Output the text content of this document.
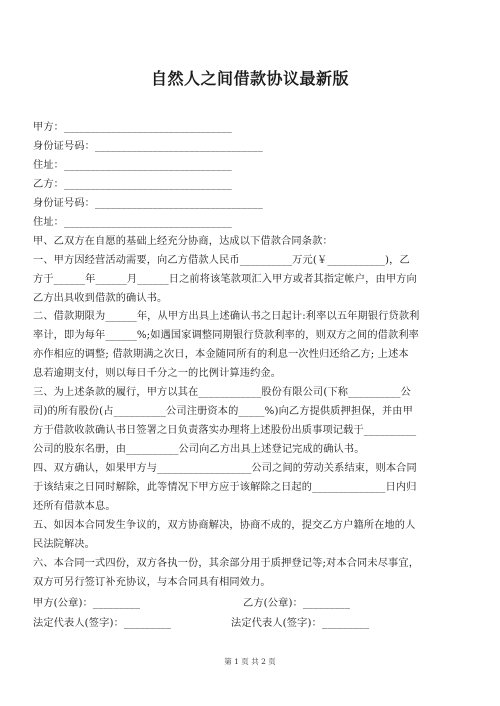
自然人之间借款协议最新版
甲方：________________________________
身份证号码：________________________________
住址：________________________________
乙方：________________________________
身份证号码：________________________________
住址：________________________________
甲、乙双方在自愿的基础上经充分协商，达成以下借款合同条款：
一、甲方因经营活动需要，向乙方借款人民币__________万元(￥___________)，乙
方于______年______月______日之前将该笔款项汇入甲方或者其指定帐户，由甲方向
乙方出具收到借款的确认书。
二、借款期限为______年，从甲方出具上述确认书之日起计:利率以五年期银行贷款利
率计，即为每年______%;如遇国家调整同期银行贷款利率的，则双方之间的借款利率
亦作相应的调整; 借款期满之次日，本金随同所有的利息一次性归还给乙方; 上述本
息若逾期支付，则以每日千分之一的比例计算违约金。
三、为上述条款的履行，甲方以其在____________股份有限公司(下称__________公
司)的所有股份(占__________公司注册资本的_____%)向乙方提供质押担保，并由甲
方于借款收款确认书日签署之日负责落实办理将上述股份出质事项记载于__________
公司的股东名册，由__________公司向乙方出具上述登记完成的确认书。
四、双方确认，如果甲方与__________________公司之间的劳动关系结束，则本合同
于该结束之日同时解除，此等情况下甲方应于该解除之日起的______________日内归
还所有借款本息。
五、如因本合同发生争议的，双方协商解决，协商不成的，提交乙方户籍所在地的人
民法院解决。
六、本合同一式四份，双方各执一份，其余部分用于质押登记等;对本合同未尽事宜，
双方可另行签订补充协议，与本合同具有相同效力。
甲方(公章)：_________	乙方(公章)：_________
法定代表人(签字)：_________	法定代表人(签字)：_________
第 1 页 共 2 页
